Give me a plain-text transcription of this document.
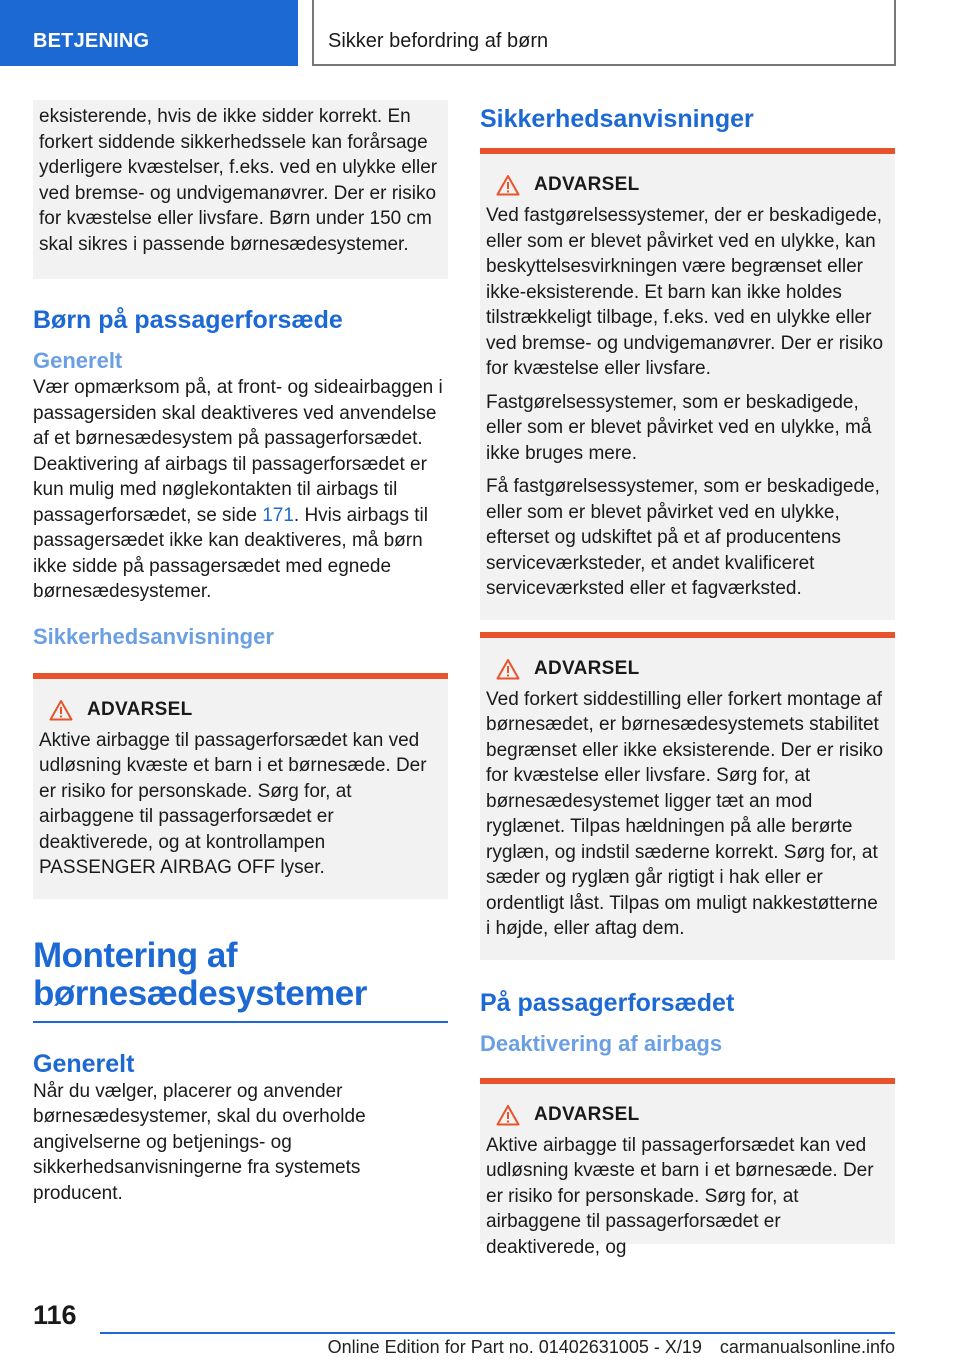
BETJENING	Sikker befordring af børn

eksisterende, hvis de ikke sidder korrekt. En forkert siddende sikkerhedssele kan forårsage yderligere kvæstelser, f.eks. ved en ulykke eller ved bremse- og undvigemanøvrer. Der er risiko for kvæstelse eller livsfare. Børn under 150 cm skal sikres i passende børnesædesystemer.

Børn på passagerforsæde
Generelt

Vær opmærksom på, at front- og sideairbaggen i passagersiden skal deaktiveres ved anvendelse af et børnesædesystem på passagerforsædet. Deaktivering af airbags til passagerforsædet er kun mulig med nøglekontakten til airbags til passagerforsædet, se side 171. Hvis airbags til passagersædet ikke kan deaktiveres, må børn ikke sidde på passagersædet med egnede børnesædesystemer.

Sikkerhedsanvisninger
ADVARSEL

Aktive airbagge til passagerforsædet kan ved udløsning kvæste et barn i et børnesæde. Der er risiko for personskade. Sørg for, at airbaggene til passagerforsædet er deaktiverede, og at kontrollampen PASSENGER AIRBAG OFF lyser.

Montering af børnesædesystemer
Generelt

Når du vælger, placerer og anvender børnesædesystemer, skal du overholde angivelserne og betjenings- og sikkerhedsanvisningerne fra systemets producent.

Sikkerhedsanvisninger
ADVARSEL

Ved fastgørelsessystemer, der er beskadigede, eller som er blevet påvirket ved en ulykke, kan beskyttelsesvirkningen være begrænset eller ikke-eksisterende. Et barn kan ikke holdes tilstrækkeligt tilbage, f.eks. ved en ulykke eller ved bremse- og undvigemanøvrer. Der er risiko for kvæstelse eller livsfare.

Fastgørelsessystemer, som er beskadigede, eller som er blevet påvirket ved en ulykke, må ikke bruges mere.

Få fastgørelsessystemer, som er beskadigede, eller som er blevet påvirket ved en ulykke, efterset og udskiftet på et af producentens serviceværksteder, et andet kvalificeret serviceværksted eller et fagværksted.

ADVARSEL

Ved forkert siddestilling eller forkert montage af børnesædet, er børnesædesystemets stabilitet begrænset eller ikke eksisterende. Der er risiko for kvæstelse eller livsfare. Sørg for, at børnesædesystemet ligger tæt an mod ryglænet. Tilpas hældningen på alle berørte ryglæn, og indstil sæderne korrekt. Sørg for, at sæder og ryglæn går rigtigt i hak eller er ordentligt låst. Tilpas om muligt nakkestøtterne i højde, eller aftag dem.

På passagerforsædet
Deaktivering af airbags
ADVARSEL

Aktive airbagge til passagerforsædet kan ved udløsning kvæste et barn i et børnesæde. Der er risiko for personskade. Sørg for, at airbaggene til passagerforsædet er deaktiverede, og

116
Online Edition for Part no. 01402631005 - X/19 carmanualsonline.info
